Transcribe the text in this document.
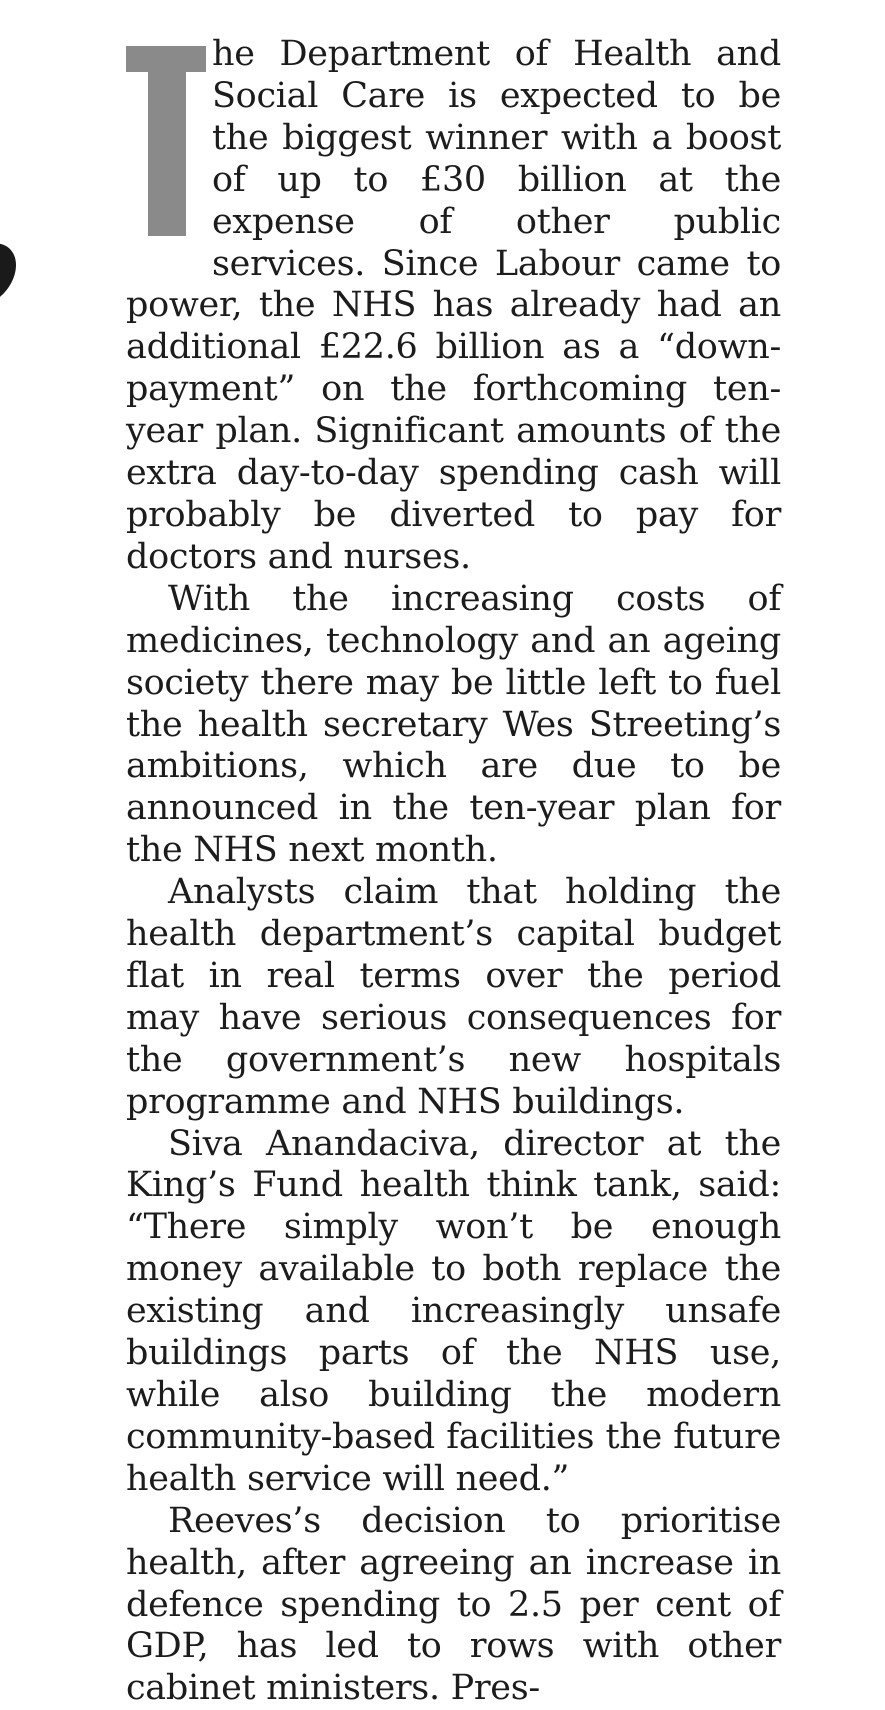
he Department of Health and Social Care is expected to be the biggest winner with a boost of up to £30 billion at the expense of other public services. Since Labour came to power, the NHS has already had an additional £22.6 billion as a “down-payment” on the forthcoming ten-year plan. Significant amounts of the extra day-to-day spending cash will probably be diverted to pay for doctors and nurses.

With the increasing costs of medicines, technology and an ageing society there may be little left to fuel the health secretary Wes Streeting’s ambitions, which are due to be announced in the ten-year plan for the NHS next month.

Analysts claim that holding the health department’s capital budget flat in real terms over the period may have serious consequences for the government’s new hospitals programme and NHS buildings.

Siva Anandaciva, director at the King’s Fund health think tank, said: “There simply won’t be enough money available to both replace the existing and increasingly unsafe buildings parts of the NHS use, while also building the modern community-based facilities the future health service will need.”

Reeves’s decision to prioritise health, after agreeing an increase in defence spending to 2.5 per cent of GDP, has led to rows with other cabinet ministers. Pres-
